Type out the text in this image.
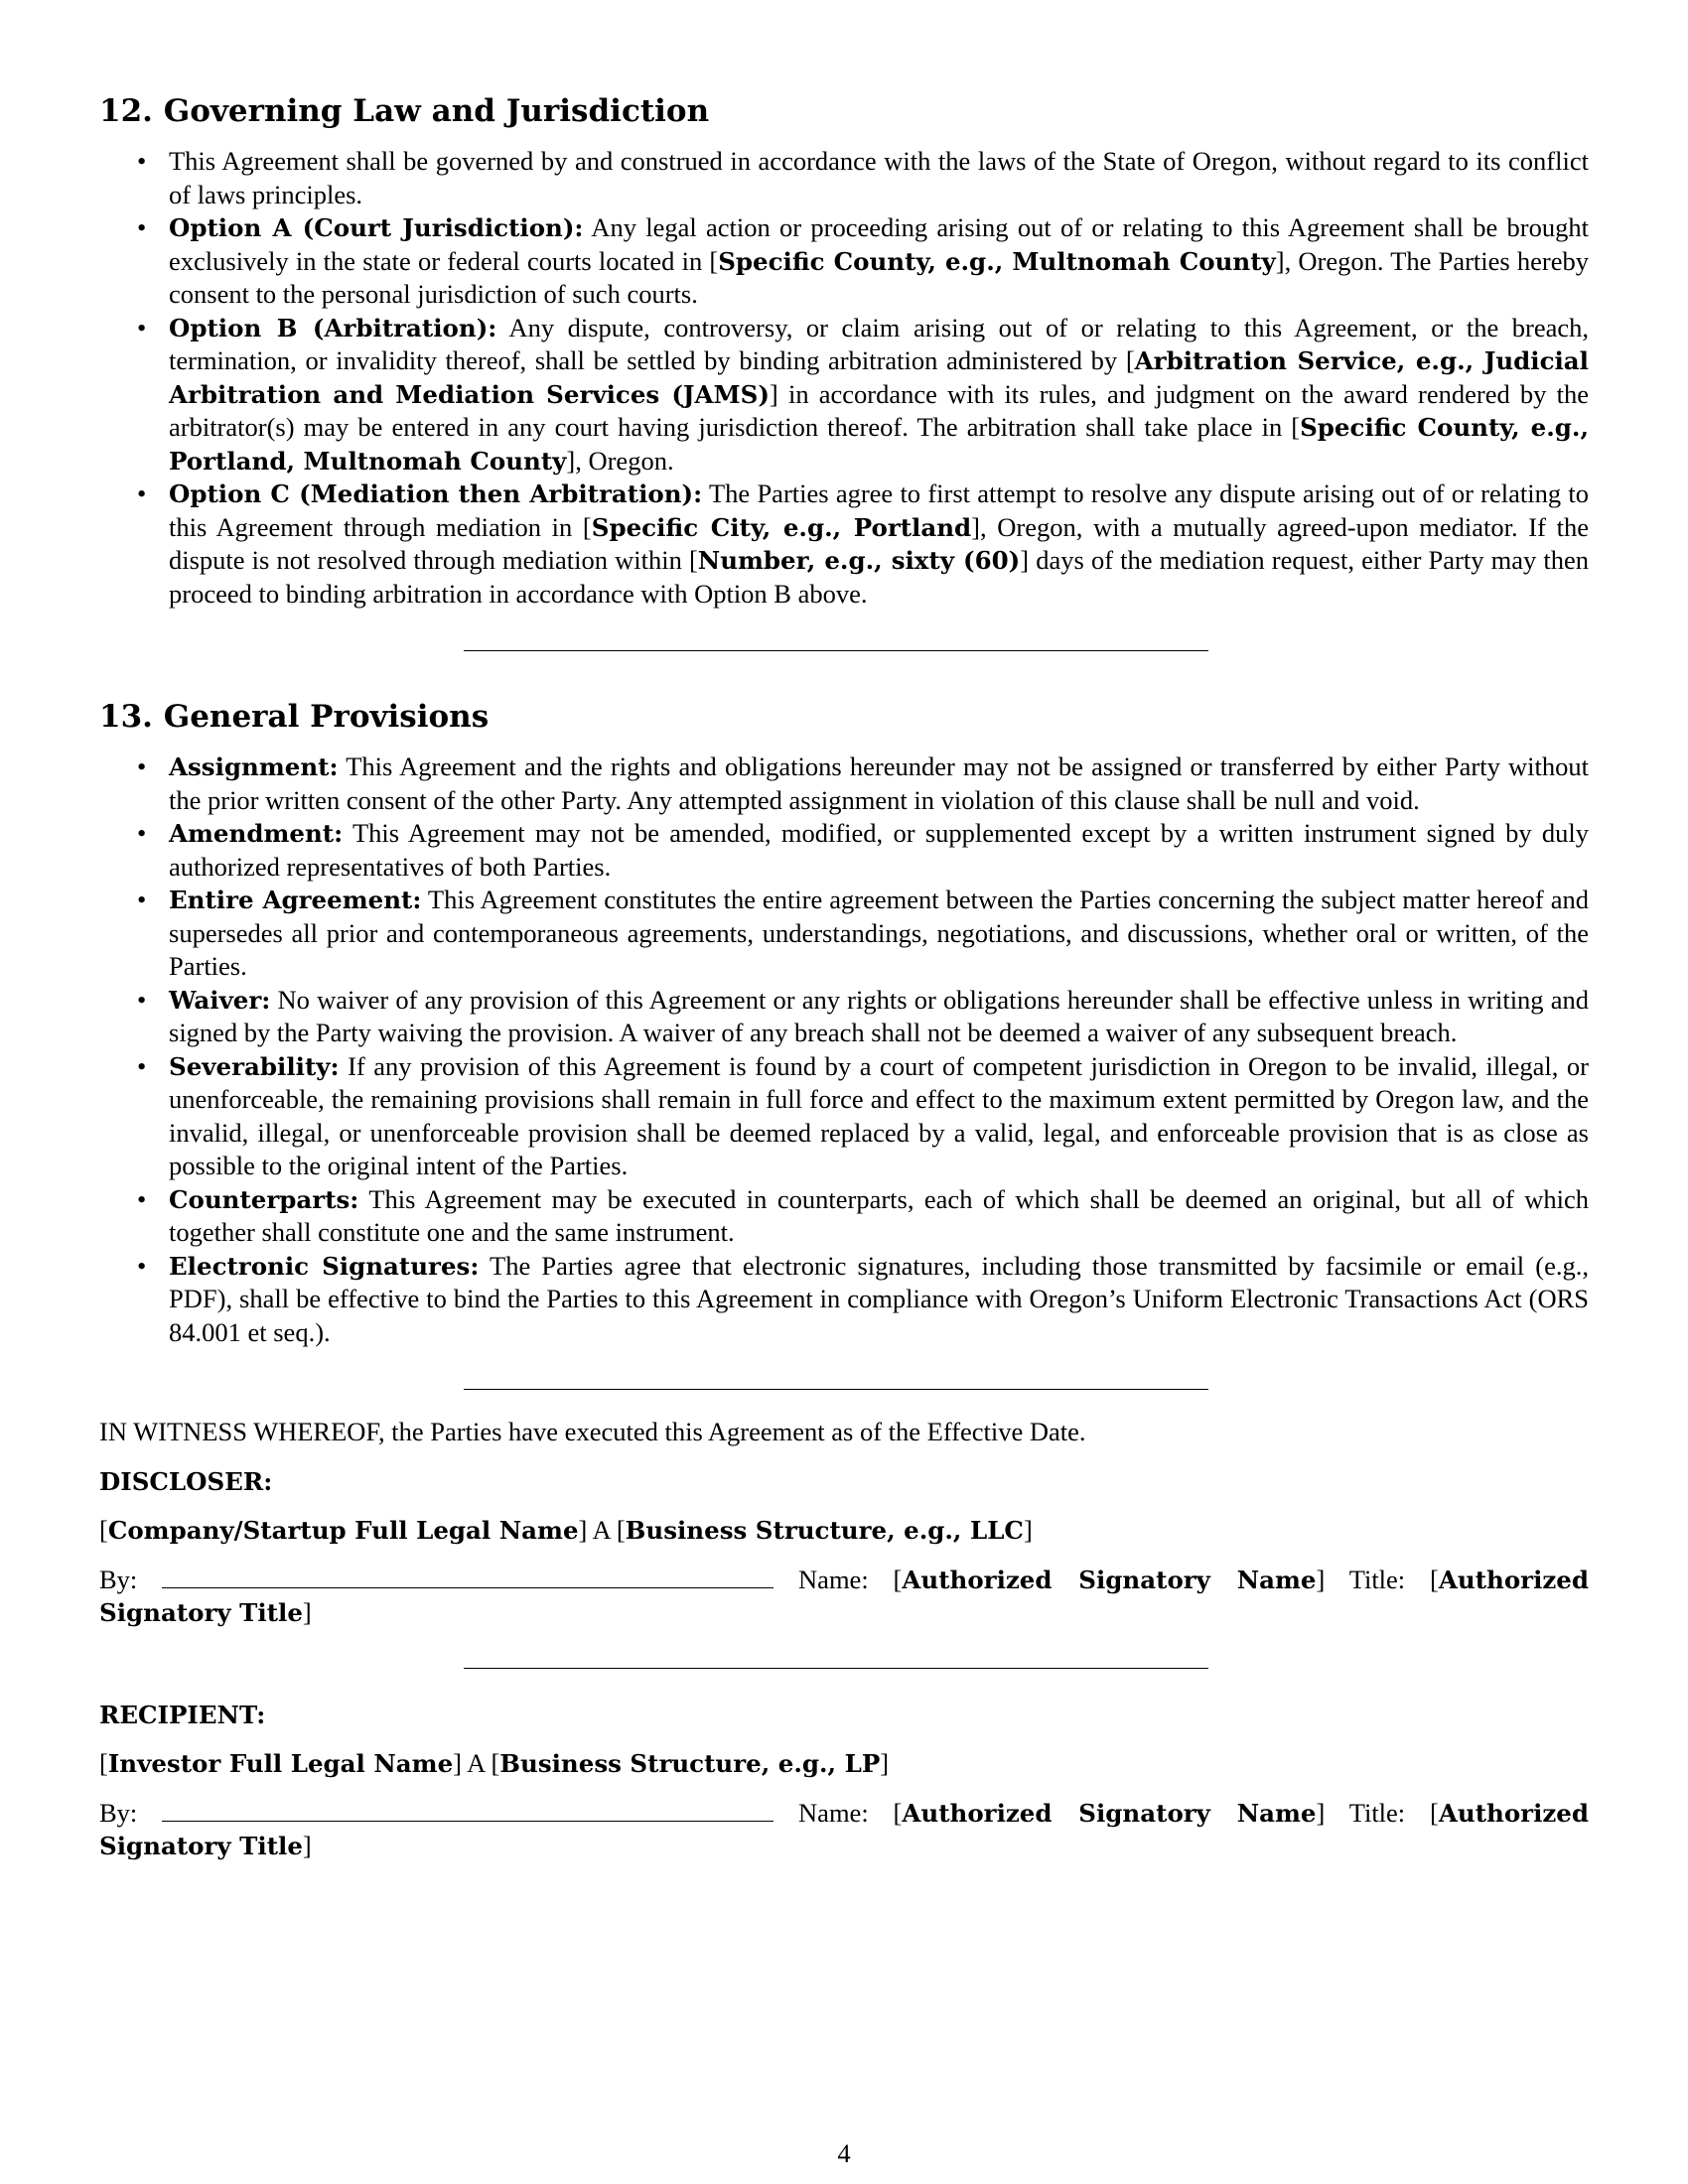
12. Governing Law and Jurisdiction
• This Agreement shall be governed by and construed in accordance with the laws of the State of Oregon, without regard to its conflict of laws principles.
• Option A (Court Jurisdiction): Any legal action or proceeding arising out of or relating to this Agreement shall be brought exclusively in the state or federal courts located in [Specific County, e.g., Multnomah County], Oregon. The Parties hereby consent to the personal jurisdiction of such courts.
• Option B (Arbitration): Any dispute, controversy, or claim arising out of or relating to this Agreement, or the breach, termination, or invalidity thereof, shall be settled by binding arbitration administered by [Arbitration Service, e.g., Judicial Arbitration and Mediation Services (JAMS)] in accordance with its rules, and judgment on the award rendered by the arbitrator(s) may be entered in any court having jurisdiction thereof. The arbitration shall take place in [Specific County, e.g., Portland, Multnomah County], Oregon.
• Option C (Mediation then Arbitration): The Parties agree to first attempt to resolve any dispute arising out of or relating to this Agreement through mediation in [Specific City, e.g., Portland], Oregon, with a mutually agreed-upon mediator. If the dispute is not resolved through mediation within [Number, e.g., sixty (60)] days of the mediation request, either Party may then proceed to binding arbitration in accordance with Option B above.
13. General Provisions
• Assignment: This Agreement and the rights and obligations hereunder may not be assigned or transferred by either Party without the prior written consent of the other Party. Any attempted assignment in violation of this clause shall be null and void.
• Amendment: This Agreement may not be amended, modified, or supplemented except by a written instrument signed by duly authorized representatives of both Parties.
• Entire Agreement: This Agreement constitutes the entire agreement between the Parties concerning the subject matter hereof and supersedes all prior and contemporaneous agreements, understandings, negotiations, and discussions, whether oral or written, of the Parties.
• Waiver: No waiver of any provision of this Agreement or any rights or obligations hereunder shall be effective unless in writing and signed by the Party waiving the provision. A waiver of any breach shall not be deemed a waiver of any subsequent breach.
• Severability: If any provision of this Agreement is found by a court of competent jurisdiction in Oregon to be invalid, illegal, or unenforceable, the remaining provisions shall remain in full force and effect to the maximum extent permitted by Oregon law, and the invalid, illegal, or unenforceable provision shall be deemed replaced by a valid, legal, and enforceable provision that is as close as possible to the original intent of the Parties.
• Counterparts: This Agreement may be executed in counterparts, each of which shall be deemed an original, but all of which together shall constitute one and the same instrument.
• Electronic Signatures: The Parties agree that electronic signatures, including those transmitted by facsimile or email (e.g., PDF), shall be effective to bind the Parties to this Agreement in compliance with Oregon’s Uniform Electronic Transactions Act (ORS 84.001 et seq.).
IN WITNESS WHEREOF, the Parties have executed this Agreement as of the Effective Date.
DISCLOSER:
[Company/Startup Full Legal Name] A [Business Structure, e.g., LLC]
By:	Name: [Authorized Signatory Name] Title: [Authorized Signatory Title]
RECIPIENT:
[Investor Full Legal Name] A [Business Structure, e.g., LP]
By:	Name: [Authorized Signatory Name] Title: [Authorized Signatory Title]
4
